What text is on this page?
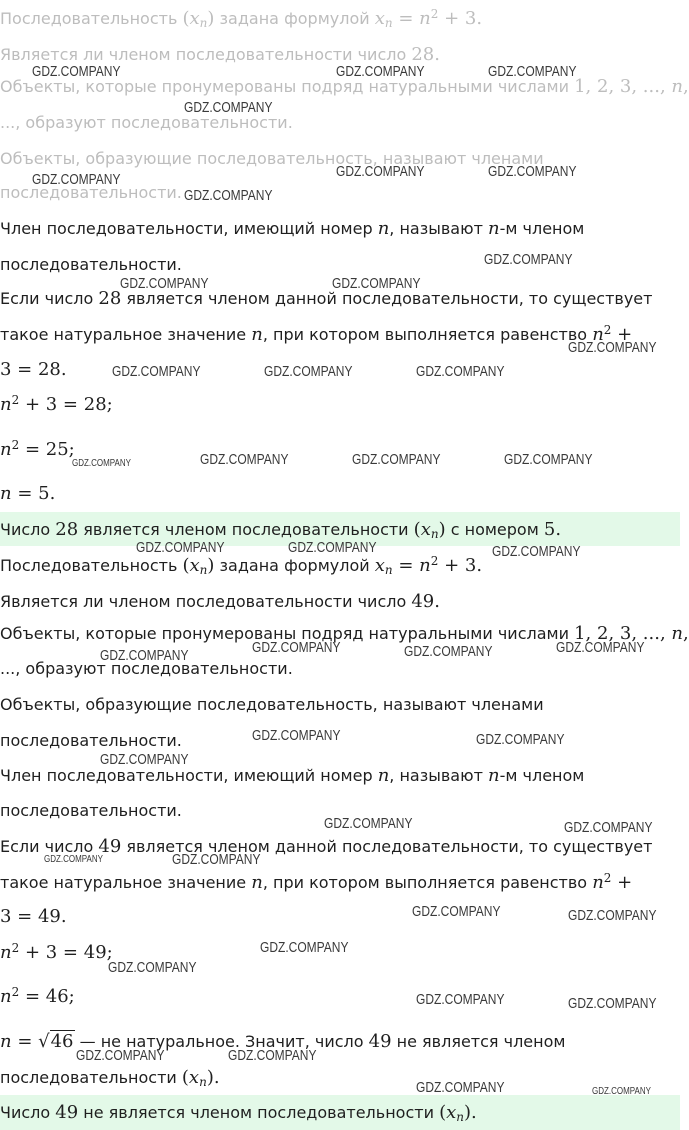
Последовательность $(x_n)$ задана формулой $x_n = n^2 + 3$.
Является ли членом последовательности число 28.
Объекты, которые пронумерованы подряд натуральными числами 1, 2, 3, ..., n,
..., образуют последовательности.
Объекты, образующие последовательность, называют членами
последовательности.
Член последовательности, имеющий номер n, называют n-м членом
последовательности.
Если число 28 является членом данной последовательности, то существует
такое натуральное значение n, при котором выполняется равенство $n^2$ +
3 = 28.
$n^2 + 3 = 28$;
$n^2 = 25$;
n = 5.
Число 28 является членом последовательности $(x_n)$ с номером 5.
Последовательность $(x_n)$ задана формулой $x_n = n^2 + 3$.
Является ли членом последовательности число 49.
Объекты, которые пронумерованы подряд натуральными числами 1, 2, 3, ..., n,
..., образуют последовательности.
Объекты, образующие последовательность, называют членами
последовательности.
Член последовательности, имеющий номер n, называют n-м членом
последовательности.
Если число 49 является членом данной последовательности, то существует
такое натуральное значение n, при котором выполняется равенство $n^2$ +
3 = 49.
$n^2 + 3 = 49$;
$n^2 = 46$;
n = √46 — не натуральное. Значит, число 49 не является членом
последовательности $(x_n)$.
Число 49 не является членом последовательности $(x_n)$.
GDZ.COMPANY	GDZ.COMPANY	GDZ.COMPANY
GDZ.COMPANY
GDZ.COMPANY
GDZ.COMPANY
GDZ.COMPANY	GDZ.COMPANY
GDZ.COMPANY
GDZ.COMPANY	GDZ.COMPANY
GDZ.COMPANY
GDZ.COMPANY	GDZ.COMPANY	GDZ.COMPANY
GDZ.COMPANY	GDZ.COMPANY	GDZ.COMPANY	GDZ.COMPANY
GDZ.COMPANY	GDZ.COMPANY	GDZ.COMPANY
GDZ.COMPANY	GDZ.COMPANY
GDZ.COMPANY	GDZ.COMPANY
GDZ.COMPANY	GDZ.COMPANY
GDZ.COMPANY
GDZ.COMPANY	GDZ.COMPANY
GDZ.COMPANY	GDZ.COMPANY
GDZ.COMPANY	GDZ.COMPANY
GDZ.COMPANY
GDZ.COMPANY
GDZ.COMPANY	GDZ.COMPANY
GDZ.COMPANY	GDZ.COMPANY
GDZ.COMPANY	GDZ.COMPANY
